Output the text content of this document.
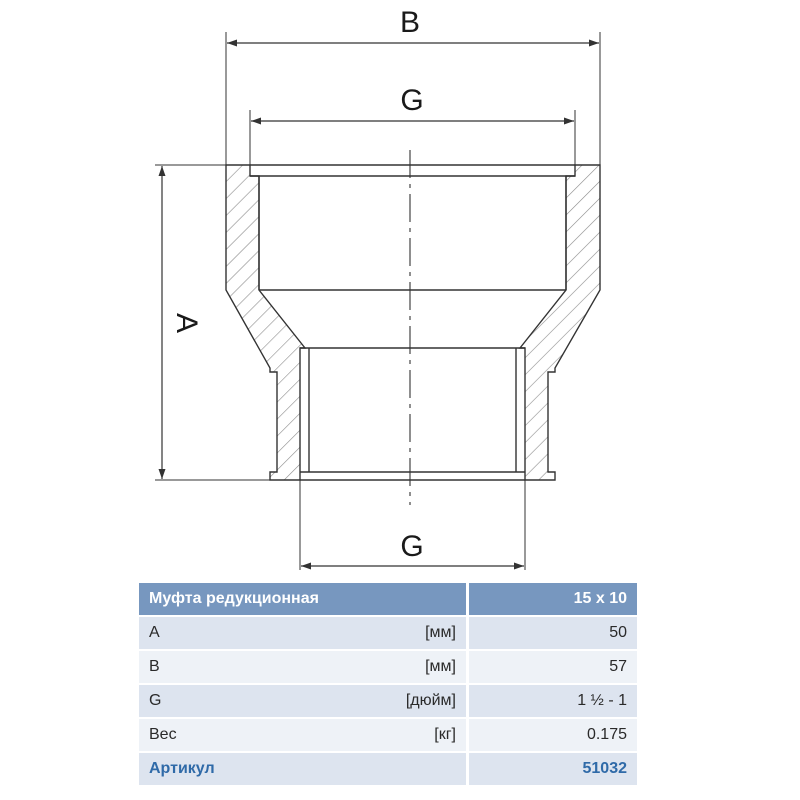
B
G
A
G
Муфта редукционная	15 x 10

A [мм]	50

B [мм]	57

G [дюйм]	1 ½ - 1

Вес [кг]	0.175
Артикул	51032
